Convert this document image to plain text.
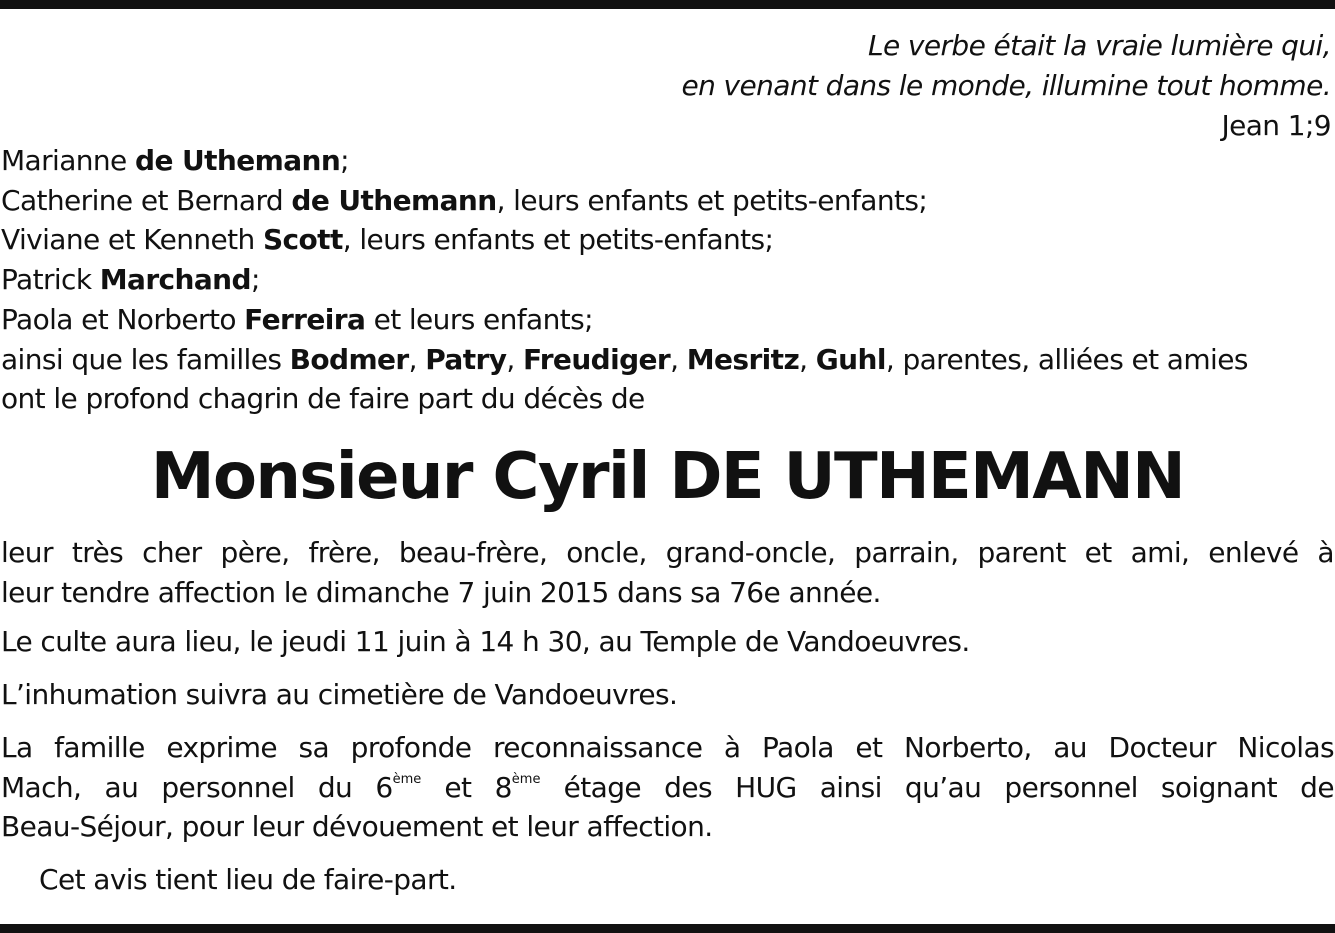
Le verbe était la vraie lumière qui,
en venant dans le monde, illumine tout homme.
Jean 1;9
Marianne de Uthemann;
Catherine et Bernard de Uthemann, leurs enfants et petits-enfants;
Viviane et Kenneth Scott, leurs enfants et petits-enfants;
Patrick Marchand;
Paola et Norberto Ferreira et leurs enfants;
ainsi que les familles Bodmer, Patry, Freudiger, Mesritz, Guhl, parentes, alliées et amies
ont le profond chagrin de faire part du décès de
Monsieur Cyril DE UTHEMANN
leur très cher père, frère, beau-frère, oncle, grand-oncle, parrain, parent et ami, enlevé à
leur tendre affection le dimanche 7 juin 2015 dans sa 76e année.
Le culte aura lieu, le jeudi 11 juin à 14 h 30, au Temple de Vandoeuvres.
L’inhumation suivra au cimetière de Vandoeuvres.
La famille exprime sa profonde reconnaissance à Paola et Norberto, au Docteur Nicolas
Mach, au personnel du 6ème et 8ème étage des HUG ainsi qu’au personnel soignant de
Beau-Séjour, pour leur dévouement et leur affection.
Cet avis tient lieu de faire-part.
